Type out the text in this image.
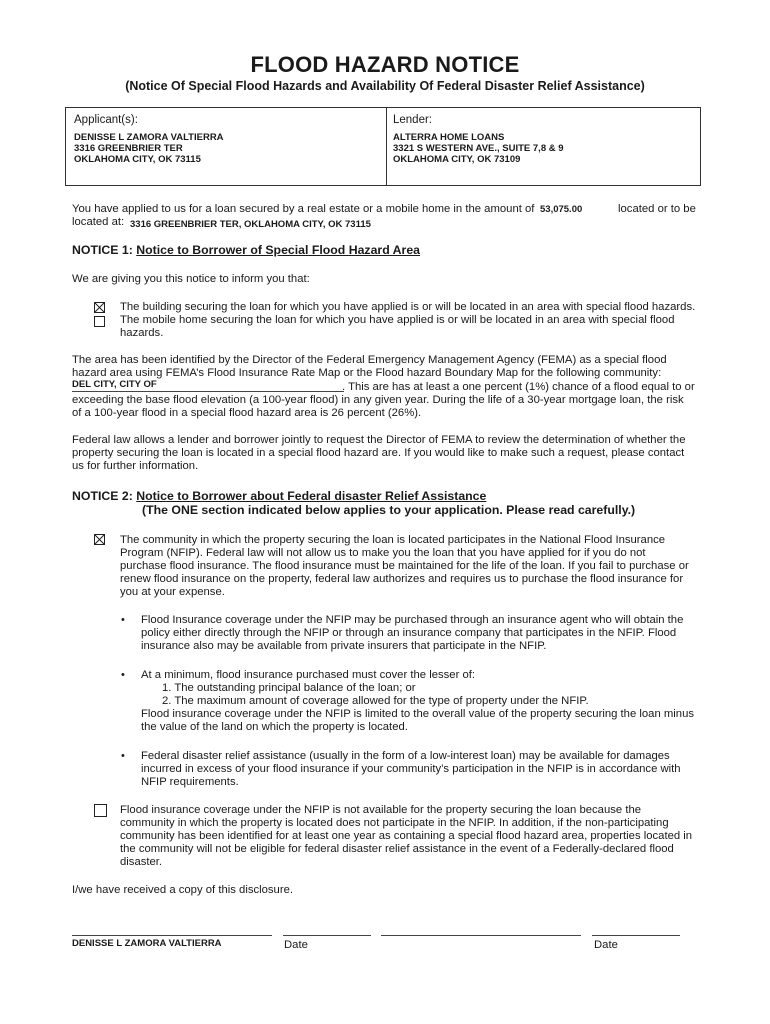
FLOOD HAZARD NOTICE
(Notice Of Special Flood Hazards and Availability Of Federal Disaster Relief Assistance)
Applicant(s):
DENISSE L ZAMORA VALTIERRA
3316 GREENBRIER TER
OKLAHOMA CITY, OK 73115
Lender:
ALTERRA HOME LOANS
3321 S WESTERN AVE., SUITE 7,8 & 9
OKLAHOMA CITY, OK 73109
You have applied to us for a loan secured by a real estate or a mobile home in the amount of 53,075.00	located or to be
located at: 3316 GREENBRIER TER, OKLAHOMA CITY, OK 73115
NOTICE 1: Notice to Borrower of Special Flood Hazard Area
We are giving you this notice to inform you that:
The building securing the loan for which you have applied is or will be located in an area with special flood hazards.
The mobile home securing the loan for which you have applied is or will be located in an area with special flood
hazards.
The area has been identified by the Director of the Federal Emergency Management Agency (FEMA) as a special flood
hazard area using FEMA’s Flood Insurance Rate Map or the Flood hazard Boundary Map for the following community:
DEL CITY, CITY OF	. This are has at least a one percent (1%) chance of a flood equal to or
exceeding the base flood elevation (a 100-year flood) in any given year. During the life of a 30-year mortgage loan, the risk
of a 100-year flood in a special flood hazard area is 26 percent (26%).
Federal law allows a lender and borrower jointly to request the Director of FEMA to review the determination of whether the
property securing the loan is located in a special flood hazard are. If you would like to make such a request, please contact
us for further information.
NOTICE 2: Notice to Borrower about Federal disaster Relief Assistance
(The ONE section indicated below applies to your application. Please read carefully.)
The community in which the property securing the loan is located participates in the National Flood Insurance
Program (NFIP). Federal law will not allow us to make you the loan that you have applied for if you do not
purchase flood insurance. The flood insurance must be maintained for the life of the loan. If you fail to purchase or
renew flood insurance on the property, federal law authorizes and requires us to purchase the flood insurance for
you at your expense.
• Flood Insurance coverage under the NFIP may be purchased through an insurance agent who will obtain the
policy either directly through the NFIP or through an insurance company that participates in the NFIP. Flood
insurance also may be available from private insurers that participate in the NFIP.
• At a minimum, flood insurance purchased must cover the lesser of:
1. The outstanding principal balance of the loan; or
2. The maximum amount of coverage allowed for the type of property under the NFIP.
Flood insurance coverage under the NFIP is limited to the overall value of the property securing the loan minus
the value of the land on which the property is located.
• Federal disaster relief assistance (usually in the form of a low-interest loan) may be available for damages
incurred in excess of your flood insurance if your community’s participation in the NFIP is in accordance with
NFIP requirements.
Flood insurance coverage under the NFIP is not available for the property securing the loan because the
community in which the property is located does not participate in the NFIP. In addition, if the non-participating
community has been identified for at least one year as containing a special flood hazard area, properties located in
the community will not be eligible for federal disaster relief assistance in the event of a Federally-declared flood
disaster.
I/we have received a copy of this disclosure.
DENISSE L ZAMORA VALTIERRA	Date	Date
